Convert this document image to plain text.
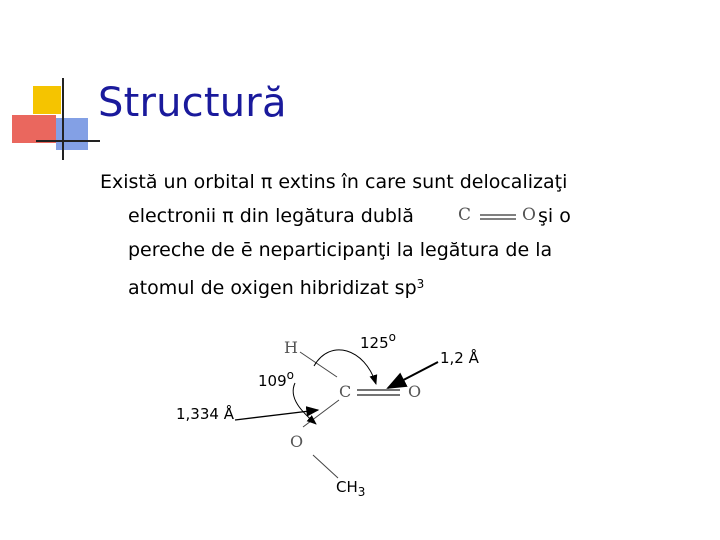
Structură
Există un orbital π extins în care sunt delocalizaţi
electronii π din legătura dublă	C	O şi o
pereche de ē neparticipanţi la legătura de la
atomul de oxigen hibridizat $sp^3$
H
C	O
O
$CH_3$
125$^o$
109$^o$
1,2 Å
1,334 Å
